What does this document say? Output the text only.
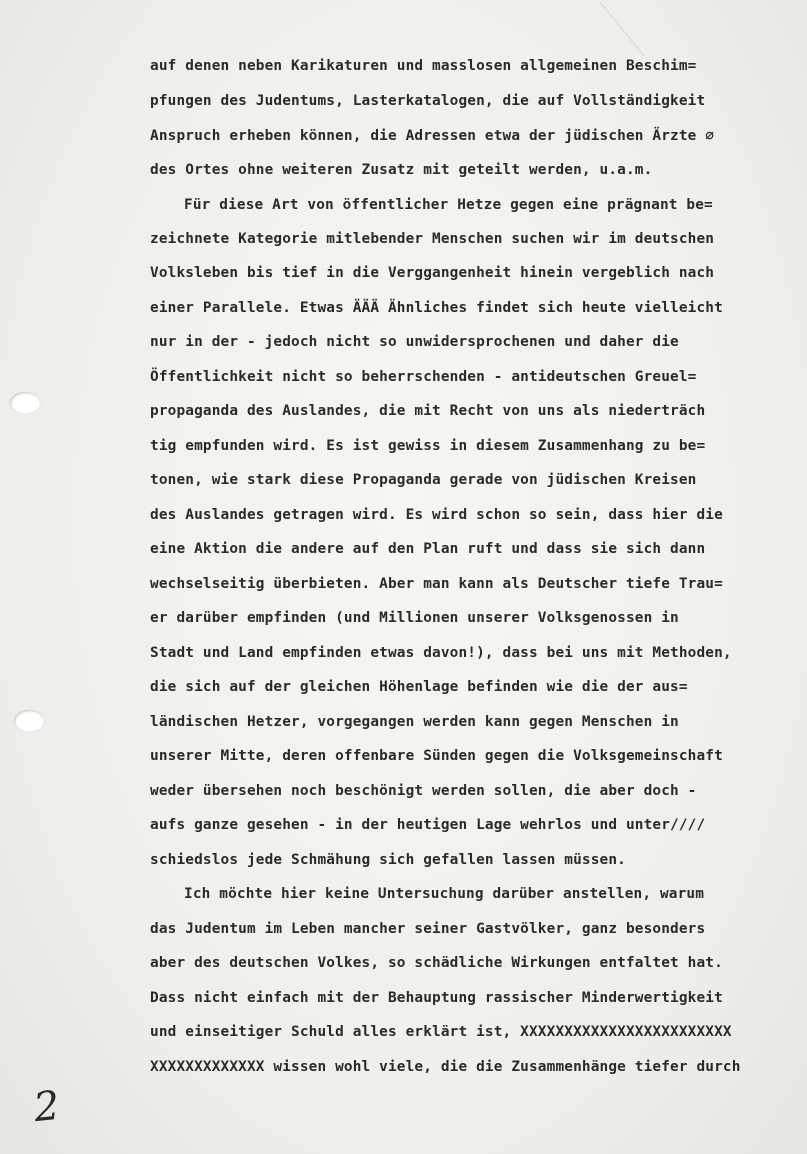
auf denen neben Karikaturen und masslosen allgemeinen Beschim=
pfungen des Judentums, Lasterkatalogen, die auf Vollständigkeit
Anspruch erheben können, die Adressen etwa der jüdischen Ärzte ∅
des Ortes ohne weiteren Zusatz mit geteilt werden, u.a.m.
Für diese Art von öffentlicher Hetze gegen eine prägnant be=
zeichnete Kategorie mitlebender Menschen suchen wir im deutschen
Volksleben bis tief in die Verggangenheit hinein vergeblich nach
einer Parallele. Etwas ÄÄÄ Ähnliches findet sich heute vielleicht
nur in der - jedoch nicht so unwidersprochenen und daher die
Öffentlichkeit nicht so beherrschenden - antideutschen Greuel=
propaganda des Auslandes, die mit Recht von uns als niederträch
tig empfunden wird. Es ist gewiss in diesem Zusammenhang zu be=
tonen, wie stark diese Propaganda gerade von jüdischen Kreisen
des Auslandes getragen wird. Es wird schon so sein, dass hier die
eine Aktion die andere auf den Plan ruft und dass sie sich dann
wechselseitig überbieten. Aber man kann als Deutscher tiefe Trau=
er darüber empfinden (und Millionen unserer Volksgenossen in
Stadt und Land empfinden etwas davon!), dass bei uns mit Methoden,
die sich auf der gleichen Höhenlage befinden wie die der aus=
ländischen Hetzer, vorgegangen werden kann gegen Menschen in
unserer Mitte, deren offenbare Sünden gegen die Volksgemeinschaft
weder übersehen noch beschönigt werden sollen, die aber doch -
aufs ganze gesehen - in der heutigen Lage wehrlos und unter////
schiedslos jede Schmähung sich gefallen lassen müssen.
Ich möchte hier keine Untersuchung darüber anstellen, warum
das Judentum im Leben mancher seiner Gastvölker, ganz besonders
aber des deutschen Volkes, so schädliche Wirkungen entfaltet hat.
Dass nicht einfach mit der Behauptung rassischer Minderwertigkeit
und einseitiger Schuld alles erklärt ist, XXXXXXXXXXXXXXXXXXXXXXXX
XXXXXXXXXXXXX wissen wohl viele, die die Zusammenhänge tiefer durch
2
